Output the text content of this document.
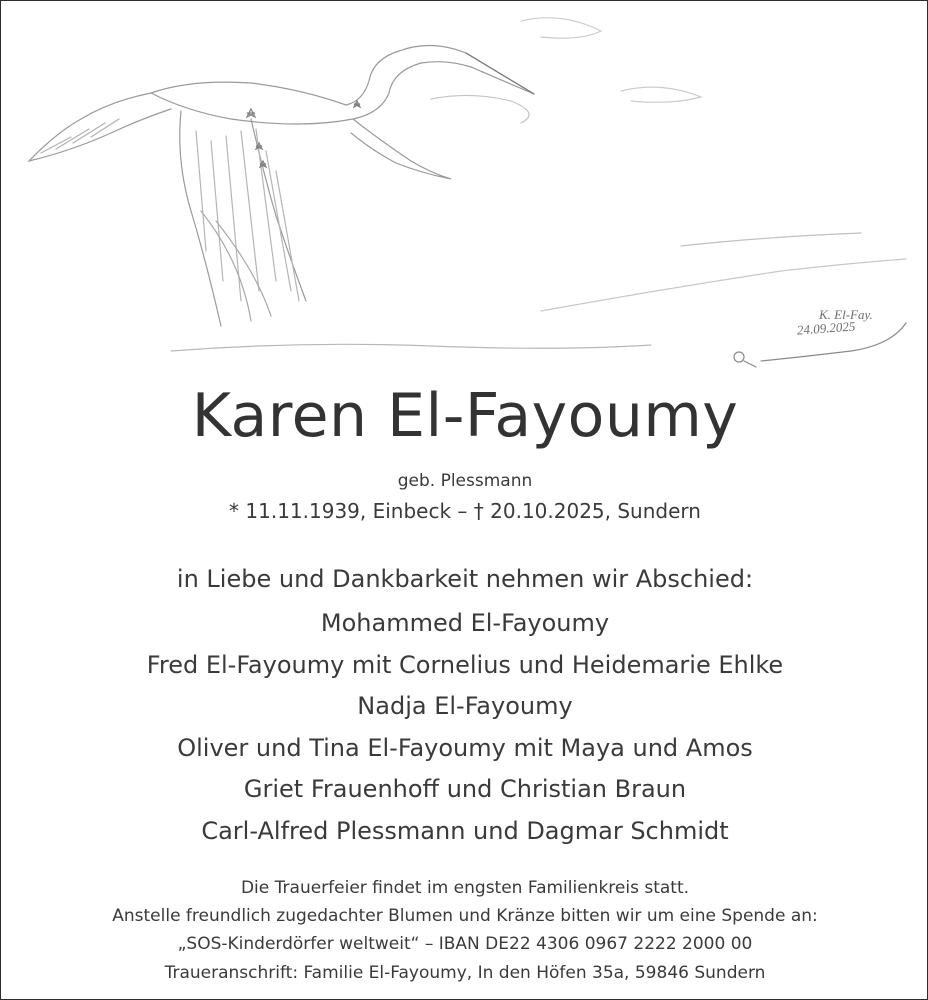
K. El-Fay.
24.09.2025
Karen El-Fayoumy
geb. Plessmann
* 11.11.1939, Einbeck – † 20.10.2025, Sundern
in Liebe und Dankbarkeit nehmen wir Abschied:
Mohammed El-Fayoumy
Fred El-Fayoumy mit Cornelius und Heidemarie Ehlke
Nadja El-Fayoumy
Oliver und Tina El-Fayoumy mit Maya und Amos
Griet Frauenhoff und Christian Braun
Carl-Alfred Plessmann und Dagmar Schmidt
Die Trauerfeier findet im engsten Familienkreis statt.
Anstelle freundlich zugedachter Blumen und Kränze bitten wir um eine Spende an:
„SOS-Kinderdörfer weltweit“ – IBAN DE22 4306 0967 2222 2000 00
Traueranschrift: Familie El-Fayoumy, In den Höfen 35a, 59846 Sundern
